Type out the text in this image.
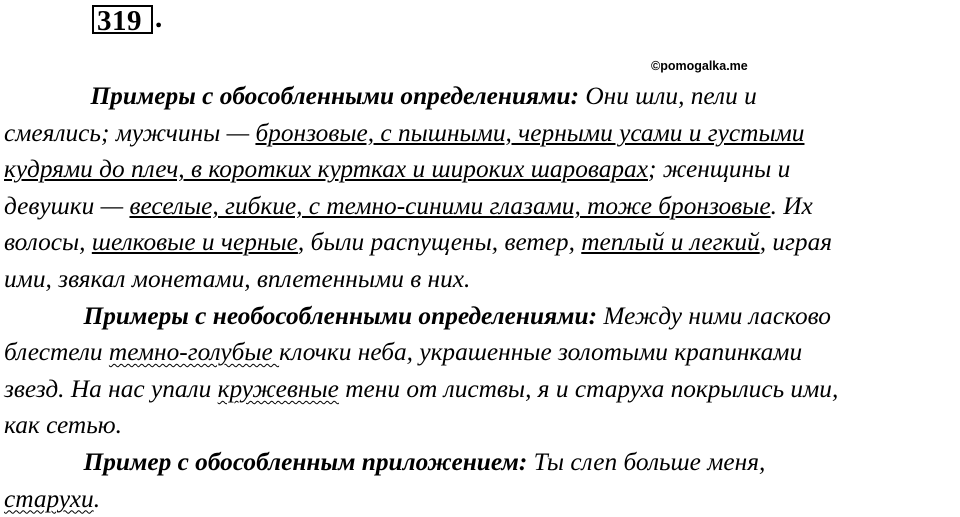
319 .
©pomogalka.me
Примеры с обособленными определениями: Они шли, пели и
смеялись; мужчины — бронзовые, с пышными, черными усами и густыми
кудрями до плеч, в коротких куртках и широких шароварах; женщины и
девушки — веселые, гибкие, с темно-синими глазами, тоже бронзовые. Их
волосы, шелковые и черные, были распущены, ветер, теплый и легкий, играя
ими, звякал монетами, вплетенными в них.
Примеры с необособленными определениями: Между ними ласково
блестели темно-голубые клочки неба, украшенные золотыми крапинками
звезд. На нас упали кружевные тени от листвы, я и старуха покрылись ими,
как сетью.
Пример с обособленным приложением: Ты слеп больше меня,
старухи.
